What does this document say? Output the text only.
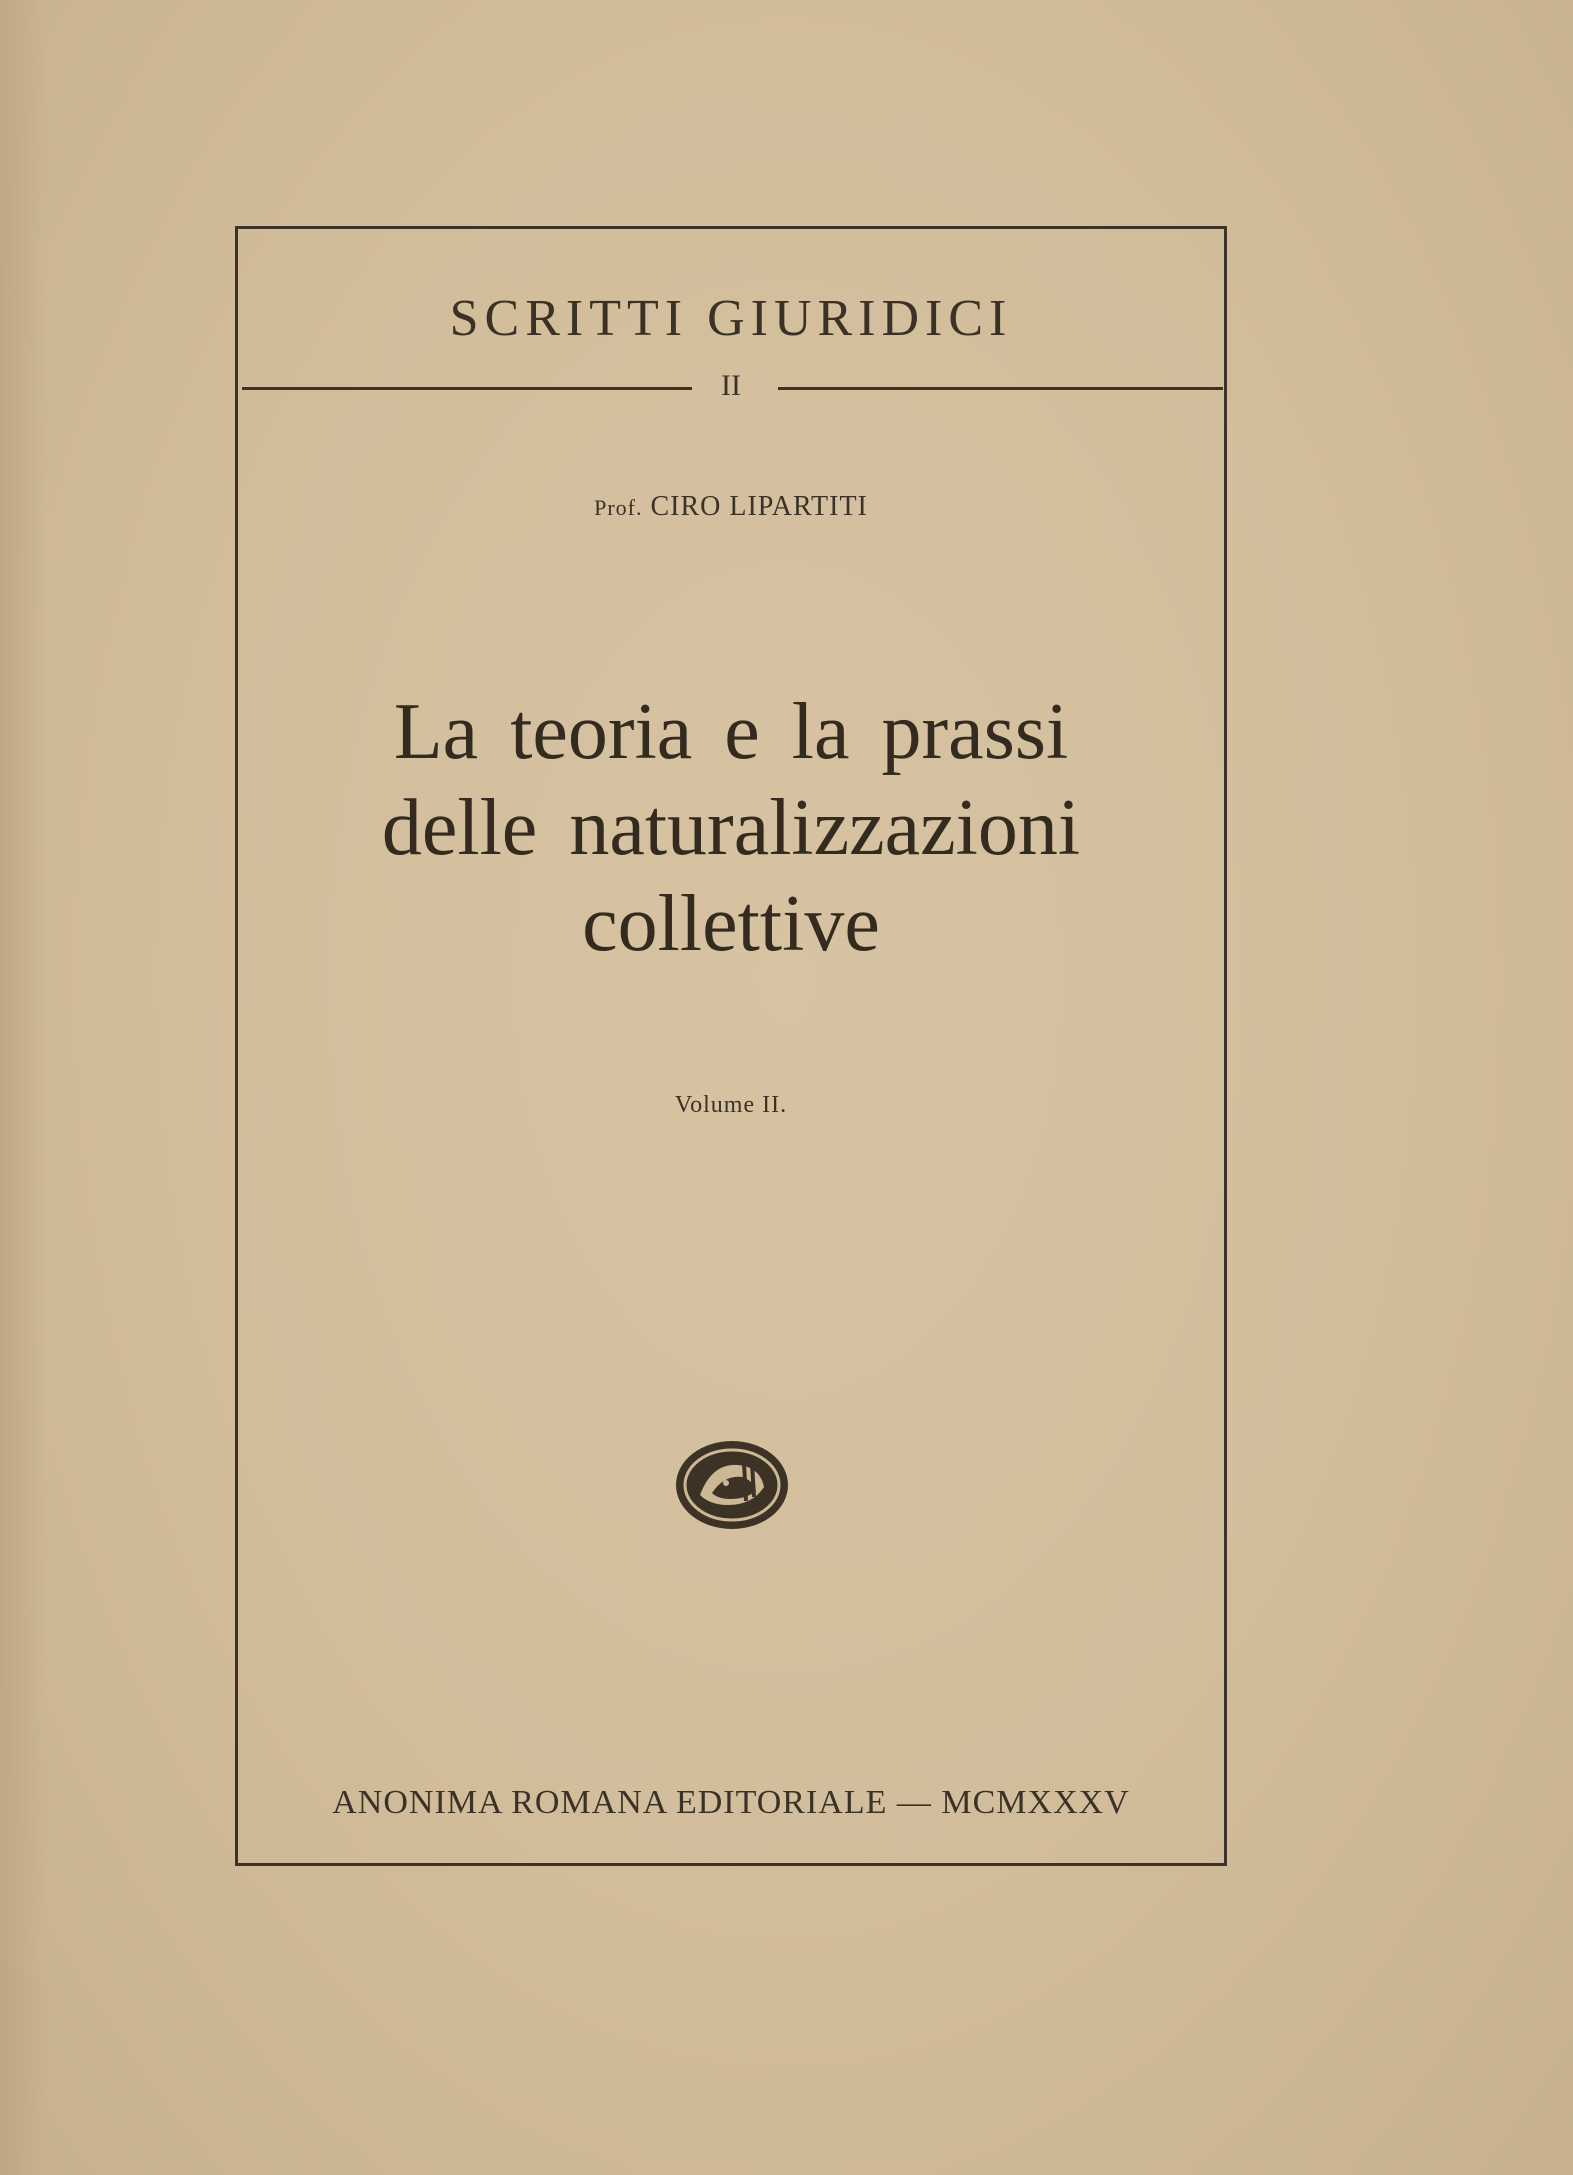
SCRITTI GIURIDICI
II
Prof. CIRO LIPARTITI
La teoria e la prassi
delle naturalizzazioni
collettive
Volume II.
ANONIMA ROMANA EDITORIALE — MCMXXXV
